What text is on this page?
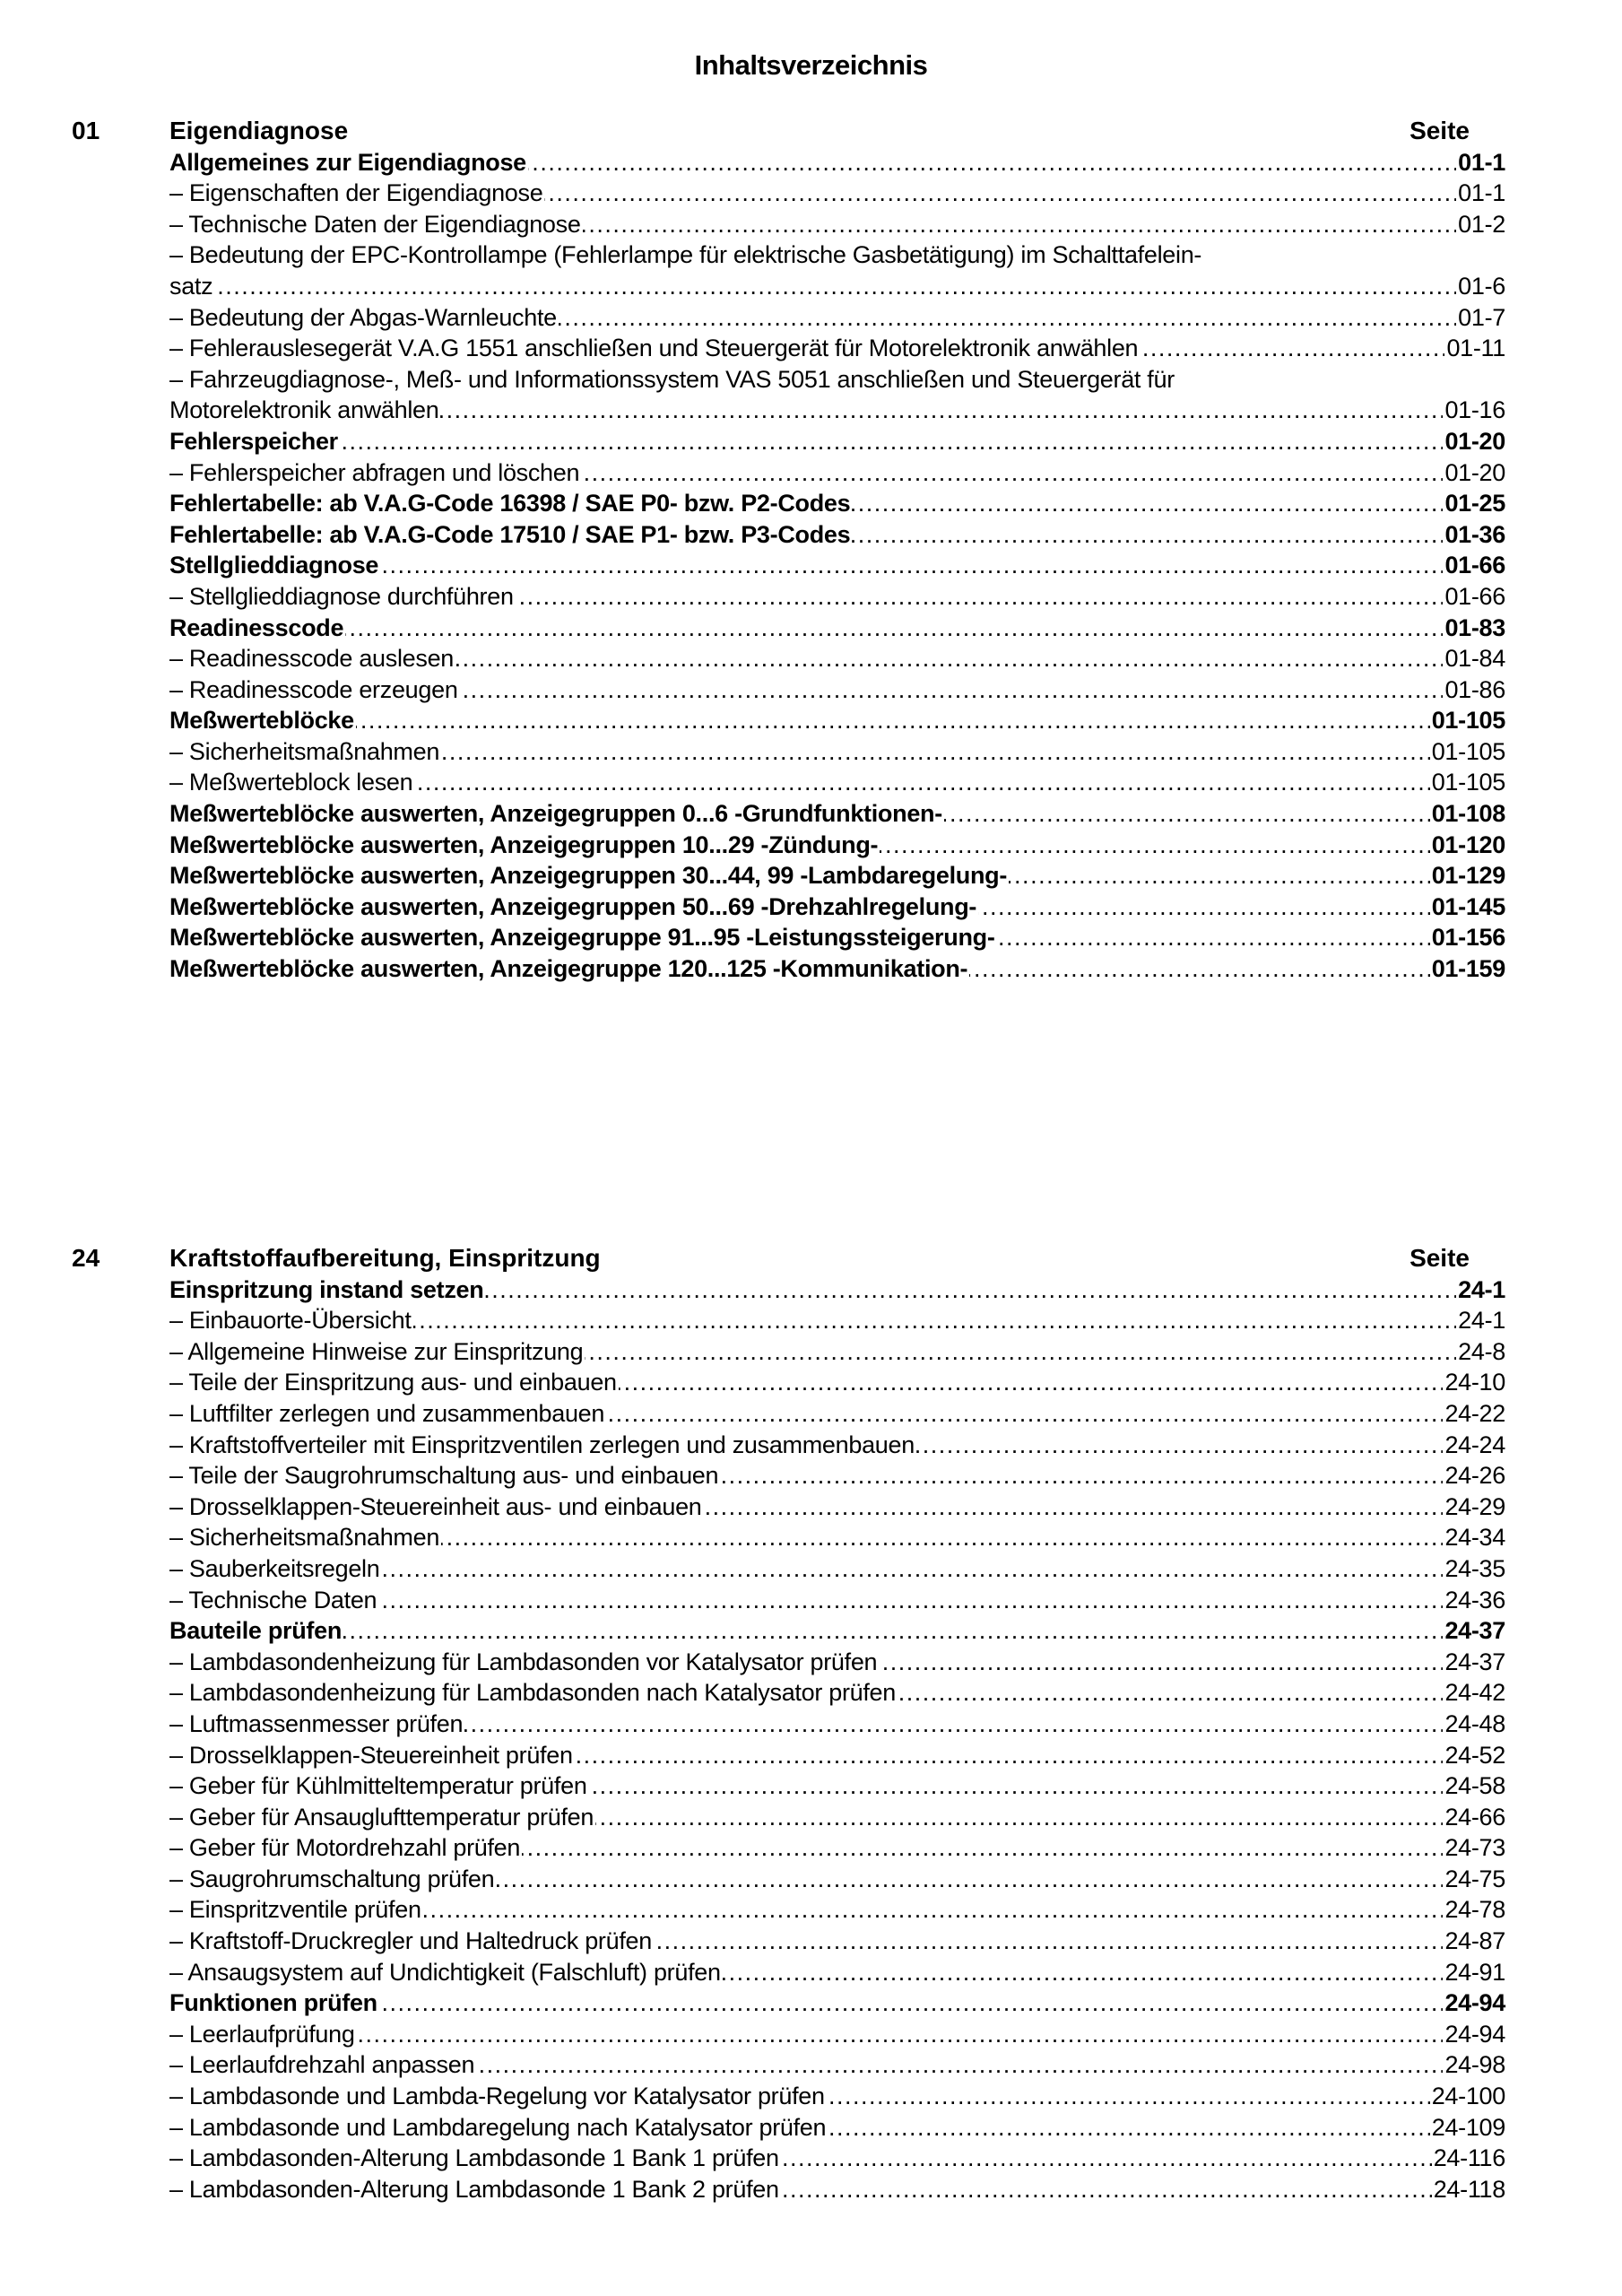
Inhaltsverzeichnis
01	Eigendiagnose	Seite
Allgemeines zur Eigendiagnose . . .	01-1
– Eigenschaften der Eigendiagnose . . .	01-1
– Technische Daten der Eigendiagnose . . .	01-2
– Bedeutung der EPC-Kontrollampe (Fehlerlampe für elektrische Gasbetätigung) im Schalttafelein-
satz . . .	01-6
– Bedeutung der Abgas-Warnleuchte . . .	01-7
– Fehlerauslesegerät V.A.G 1551 anschließen und Steuergerät für Motorelektronik anwählen . . .	01-11
– Fahrzeugdiagnose-, Meß- und Informationssystem VAS 5051 anschließen und Steuergerät für
Motorelektronik anwählen . . .	01-16
Fehlerspeicher . . .	01-20
– Fehlerspeicher abfragen und löschen . . .	01-20
Fehlertabelle: ab V.A.G-Code 16398 / SAE P0- bzw. P2-Codes . . .	01-25
Fehlertabelle: ab V.A.G-Code 17510 / SAE P1- bzw. P3-Codes . . .	01-36
Stellglieddiagnose . . .	01-66
– Stellglieddiagnose durchführen . . .	01-66
Readinesscode . . .	01-83
– Readinesscode auslesen . . .	01-84
– Readinesscode erzeugen . . .	01-86
Meßwerteblöcke . . .	01-105
– Sicherheitsmaßnahmen . . .	01-105
– Meßwerteblock lesen . . .	01-105
Meßwerteblöcke auswerten, Anzeigegruppen 0...6 -Grundfunktionen- . . .	01-108
Meßwerteblöcke auswerten, Anzeigegruppen 10...29 -Zündung- . . .	01-120
Meßwerteblöcke auswerten, Anzeigegruppen 30...44, 99 -Lambdaregelung- . . .	01-129
Meßwerteblöcke auswerten, Anzeigegruppen 50...69 -Drehzahlregelung- . . .	01-145
Meßwerteblöcke auswerten, Anzeigegruppe 91...95 -Leistungssteigerung- . . .	01-156
Meßwerteblöcke auswerten, Anzeigegruppe 120...125 -Kommunikation- . . .	01-159
24	Kraftstoffaufbereitung, Einspritzung	Seite
Einspritzung instand setzen . . .	24-1
– Einbauorte-Übersicht . . .	24-1
– Allgemeine Hinweise zur Einspritzung . . .	24-8
– Teile der Einspritzung aus- und einbauen . . .	24-10
– Luftfilter zerlegen und zusammenbauen . . .	24-22
– Kraftstoffverteiler mit Einspritzventilen zerlegen und zusammenbauen . . .	24-24
– Teile der Saugrohrumschaltung aus- und einbauen . . .	24-26
– Drosselklappen-Steuereinheit aus- und einbauen . . .	24-29
– Sicherheitsmaßnahmen . . .	24-34
– Sauberkeitsregeln . . .	24-35
– Technische Daten . . .	24-36
Bauteile prüfen . . .	24-37
– Lambdasondenheizung für Lambdasonden vor Katalysator prüfen . . .	24-37
– Lambdasondenheizung für Lambdasonden nach Katalysator prüfen . . .	24-42
– Luftmassenmesser prüfen . . .	24-48
– Drosselklappen-Steuereinheit prüfen . . .	24-52
– Geber für Kühlmitteltemperatur prüfen . . .	24-58
– Geber für Ansauglufttemperatur prüfen . . .	24-66
– Geber für Motordrehzahl prüfen . . .	24-73
– Saugrohrumschaltung prüfen . . .	24-75
– Einspritzventile prüfen . . .	24-78
– Kraftstoff-Druckregler und Haltedruck prüfen . . .	24-87
– Ansaugsystem auf Undichtigkeit (Falschluft) prüfen . . .	24-91
Funktionen prüfen . . .	24-94
– Leerlaufprüfung . . .	24-94
– Leerlaufdrehzahl anpassen . . .	24-98
– Lambdasonde und Lambda-Regelung vor Katalysator prüfen . . .	24-100
– Lambdasonde und Lambdaregelung nach Katalysator prüfen . . .	24-109
– Lambdasonden-Alterung Lambdasonde 1 Bank 1 prüfen . . .	24-116
– Lambdasonden-Alterung Lambdasonde 1 Bank 2 prüfen . . .	24-118
